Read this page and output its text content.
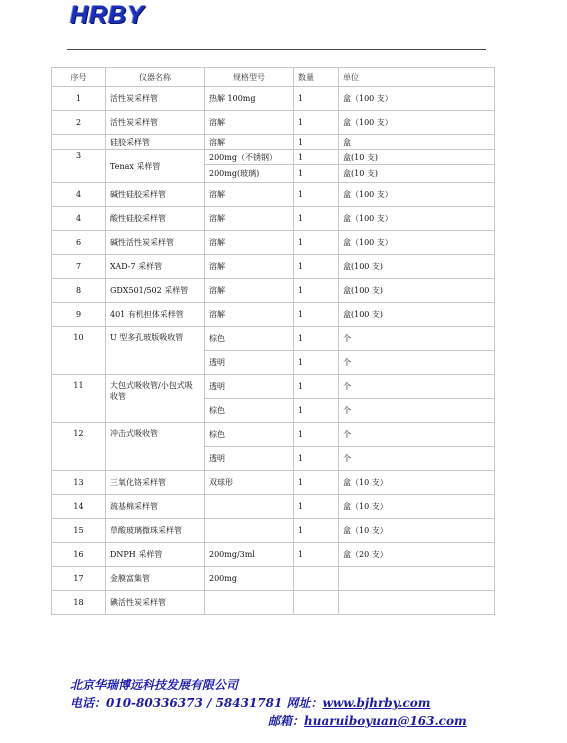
HRBY
序号	仪器名称	规格型号	数量	单位
1	活性炭采样管	热解 100mg	1	盒（100 支）
2	活性炭采样管	溶解	1	盒（100 支）
	硅胶采样管	溶解	1	盒
3	Tenax 采样管	200mg（不锈钢）	1	盒(10 支)
		200mg(玻璃)	1	盒(10 支)
4	碱性硅胶采样管	溶解	1	盒（100 支）
4	酸性硅胶采样管	溶解	1	盒（100 支）
6	碱性活性炭采样管	溶解	1	盒（100 支）
7	XAD-7 采样管	溶解	1	盒(100 支)
8	GDX501/502 采样管	溶解	1	盒(100 支)
9	401 有机担体采样管	溶解	1	盒(100 支)
10	U 型多孔玻版吸收管	棕色	1	个
		透明	1	个
11	大包式吸收管/小包式吸收管	透明	1	个
		棕色	1	个
12	冲击式吸收管	棕色	1	个
		透明	1	个
13	三氧化铬采样管	双球形	1	盒（10 支）
14	巯基棉采样管		1	盒（10 支）
15	草酸玻璃微珠采样管		1	盒（10 支）
16	DNPH 采样管	200mg/3ml	1	盒（20 支）
17	金膜富集管	200mg		
18	碘活性炭采样管			
北京华瑞博远科技发展有限公司
电话：010-80336373 / 58431781 网址：www.bjhrby.com
邮箱：huaruiboyuan@163.com
